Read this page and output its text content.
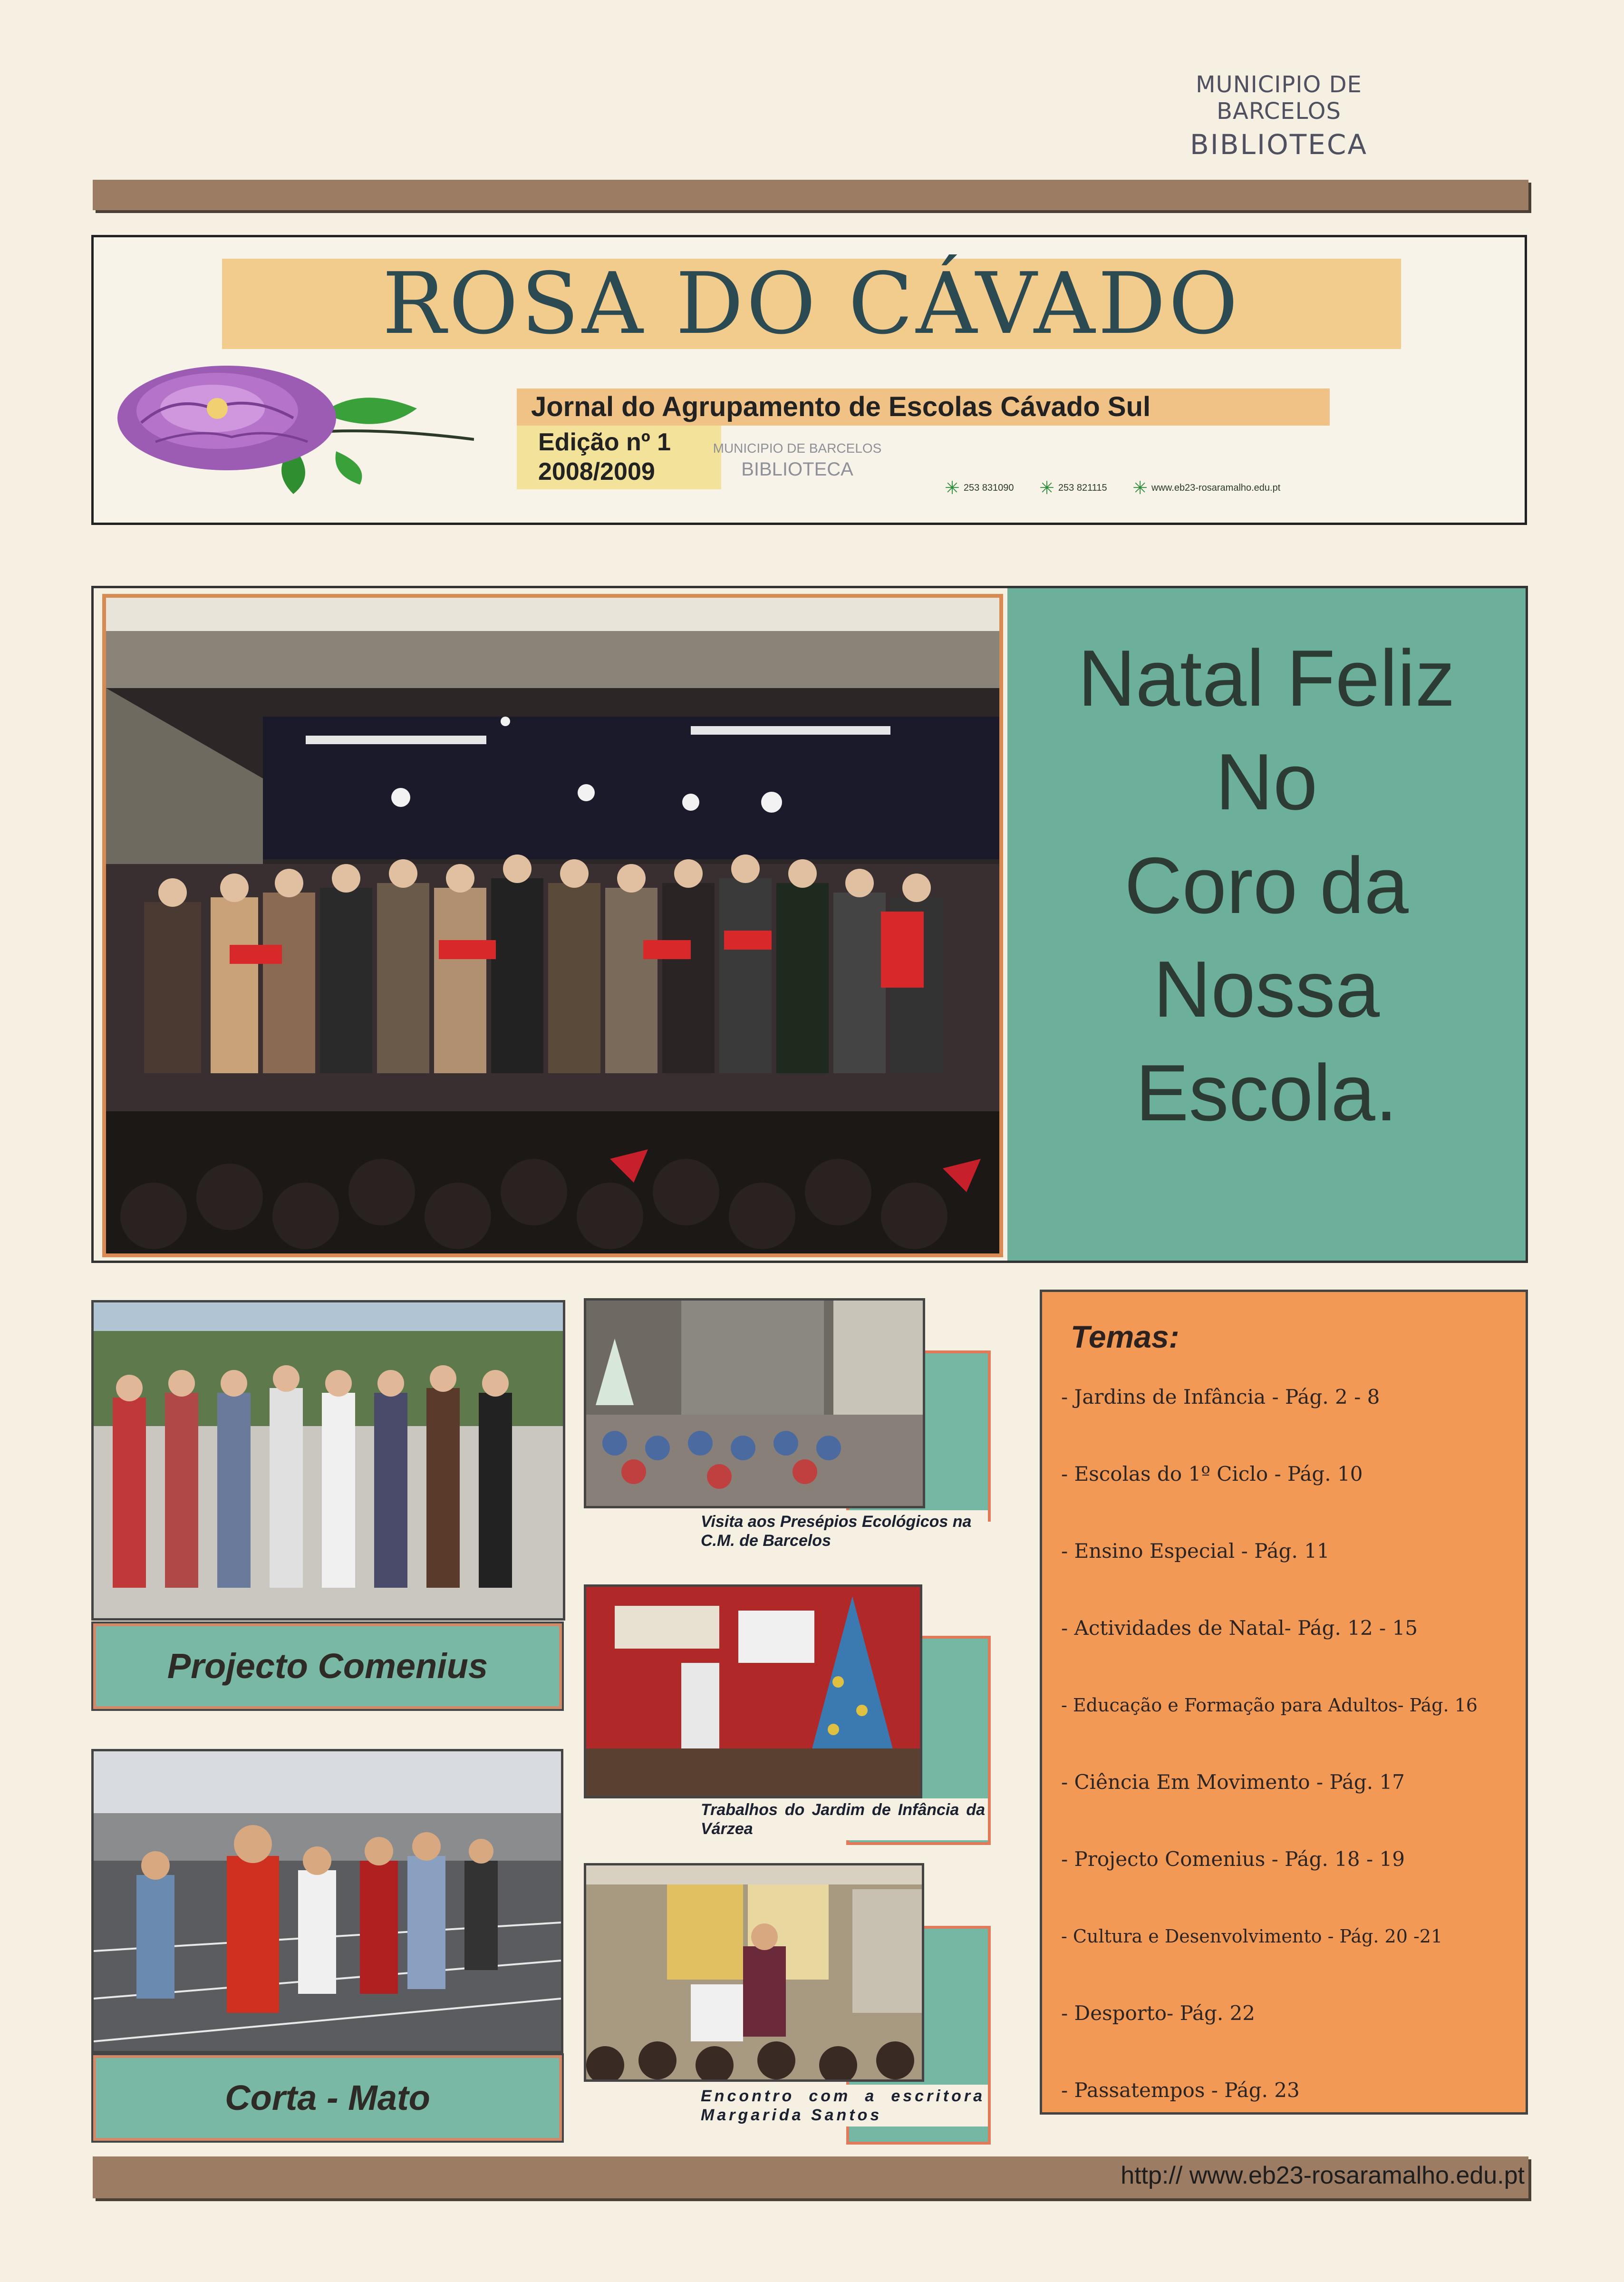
MUNICIPIO DE BARCELOS
BIBLIOTECA
ROSA DO CÁVADO
Jornal do Agrupamento de Escolas Cávado Sul
Edição nº 1
2008/2009
MUNICIPIO DE BARCELOS
BIBLIOTECA
✳ 253 831090 ✳ 253 821115 ✳ www.eb23-rosaramalho.edu.pt
Natal Feliz
No
Coro da
Nossa
Escola.
Projecto Comenius
Corta - Mato
Visita aos Presépios Ecológicos na C.M. de Barcelos
Trabalhos do Jardim de Infância da Várzea
Encontro com a escritora Margarida Santos
Temas:
- Jardins de Infância - Pág. 2 - 8
- Escolas do 1º Ciclo - Pág. 10
- Ensino Especial - Pág. 11
- Actividades de Natal- Pág. 12 - 15
- Educação e Formação para Adultos- Pág. 16
- Ciência Em Movimento - Pág. 17
- Projecto Comenius - Pág. 18 - 19
- Cultura e Desenvolvimento - Pág. 20 -21
- Desporto- Pág. 22
- Passatempos - Pág. 23
http:// www.eb23-rosaramalho.edu.pt
